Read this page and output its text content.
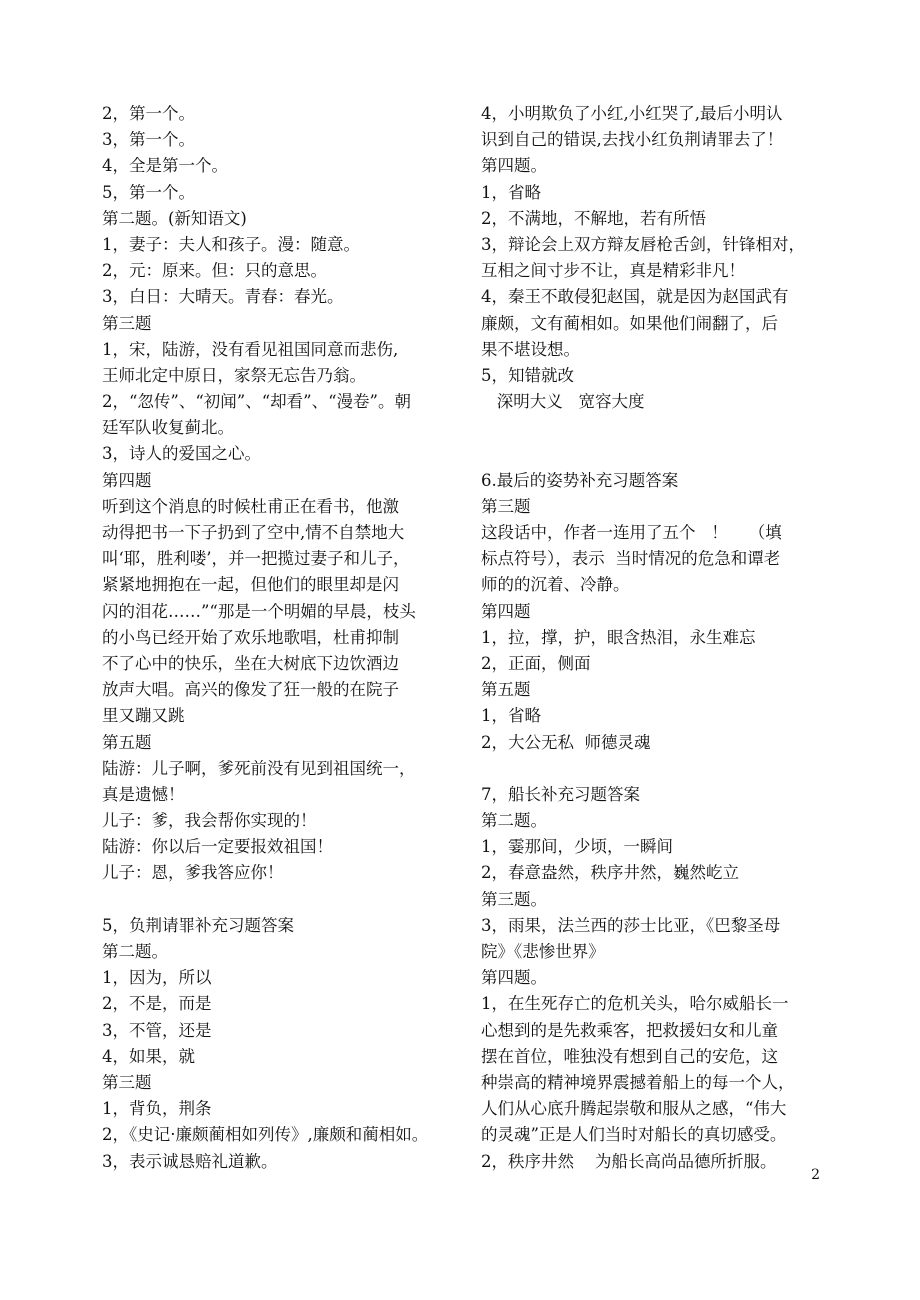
2，第一个。
3，第一个。
4，全是第一个。
5，第一个。
第二题。(新知语文)
1，妻子：夫人和孩子。漫：随意。
2，元：原来。但：只的意思。
3，白日：大晴天。青春：春光。
第三题
1，宋，陆游，没有看见祖国同意而悲伤,
王师北定中原日，家祭无忘告乃翁。
2，“忽传”、“初闻”、“却看”、“漫卷”。朝
廷军队收复蓟北。
3，诗人的爱国之心。
第四题
听到这个消息的时候杜甫正在看书，他激
动得把书一下子扔到了空中,情不自禁地大
叫‘耶，胜利喽’，并一把揽过妻子和儿子，
紧紧地拥抱在一起，但他们的眼里却是闪
闪的泪花……”“那是一个明媚的早晨，枝头
的小鸟已经开始了欢乐地歌唱，杜甫抑制
不了心中的快乐，坐在大树底下边饮酒边
放声大唱。高兴的像发了狂一般的在院子
里又蹦又跳
第五题
陆游：儿子啊，爹死前没有见到祖国统一，
真是遗憾！
儿子：爹，我会帮你实现的！
陆游：你以后一定要报效祖国！
儿子：恩，爹我答应你！

5，负荆请罪补充习题答案
第二题。
1，因为，所以
2，不是，而是
3，不管，还是
4，如果，就
第三题
1，背负，荆条
2，《史记·廉颇蔺相如列传》,廉颇和蔺相如。
3，表示诚恳赔礼道歉。
4，小明欺负了小红,小红哭了,最后小明认
识到自己的错误,去找小红负荆请罪去了！
第四题。
1，省略
2，不满地，不解地，若有所悟
3，辩论会上双方辩友唇枪舌剑，针锋相对，
互相之间寸步不让，真是精彩非凡！
4，秦王不敢侵犯赵国，就是因为赵国武有
廉颇，文有蔺相如。如果他们闹翻了，后
果不堪设想。
5，知错就改
深明大义   宽容大度

6.最后的姿势补充习题答案
第三题
这段话中，作者一连用了五个   ！    （填
标点符号），表示  当时情况的危急和谭老
师的的沉着、冷静。
第四题
1，拉，撑，护，眼含热泪，永生难忘
2，正面，侧面
第五题
1，省略
2，大公无私  师德灵魂

7，船长补充习题答案
第二题。
1，霎那间，少顷，一瞬间
2，春意盎然，秩序井然，巍然屹立
第三题。
3，雨果，法兰西的莎士比亚，《巴黎圣母
院》《悲惨世界》
第四题。
1，在生死存亡的危机关头，哈尔威船长一
心想到的是先救乘客，把救援妇女和儿童
摆在首位，唯独没有想到自己的安危，这
种崇高的精神境界震撼着船上的每一个人，
人们从心底升腾起崇敬和服从之感，“伟大
的灵魂”正是人们当时对船长的真切感受。
2，秩序井然    为船长高尚品德所折服。
2
